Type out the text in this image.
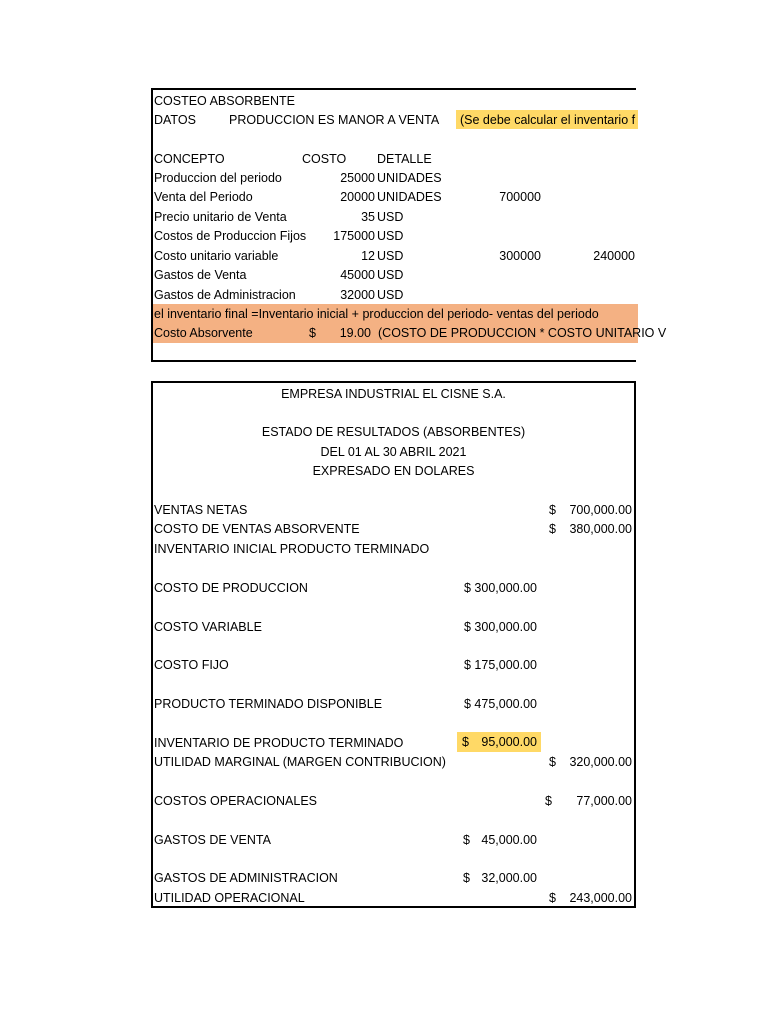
COSTEO ABSORBENTE
DATOS	PRODUCCION ES MANOR A VENTA (Se debe calcular el inventario f
CONCEPTO	COSTO DETALLE
Produccion del periodo	25000 UNIDADES
Venta del Periodo	20000 UNIDADES	700000
Precio unitario de Venta	35 USD
Costos de Produccion Fijos	175000 USD
Costo unitario variable	12 USD	300000	240000
Gastos de Venta	45000 USD
Gastos de Administracion	32000 USD
el inventario final =Inventario inicial + produccion del periodo- ventas del periodo
Costo Absorvente	$	19.00 (COSTO DE PRODUCCION * COSTO UNITARIO V
EMPRESA INDUSTRIAL EL CISNE S.A.
ESTADO DE RESULTADOS (ABSORBENTES)
DEL 01 AL 30 ABRIL 2021
EXPRESADO EN DOLARES
VENTAS NETAS	$	700,000.00
COSTO DE VENTAS ABSORVENTE	$	380,000.00
INVENTARIO INICIAL PRODUCTO TERMINADO
COSTO DE PRODUCCION	$ 300,000.00
COSTO VARIABLE	$ 300,000.00
COSTO FIJO	$ 175,000.00
PRODUCTO TERMINADO DISPONIBLE	$ 475,000.00
INVENTARIO DE PRODUCTO TERMINADO	$ 95,000.00
UTILIDAD MARGINAL (MARGEN CONTRIBUCION)	$	320,000.00
COSTOS OPERACIONALES	$	77,000.00
GASTOS DE VENTA	$ 45,000.00
GASTOS DE ADMINISTRACION	$ 32,000.00
UTILIDAD OPERACIONAL	$	243,000.00
